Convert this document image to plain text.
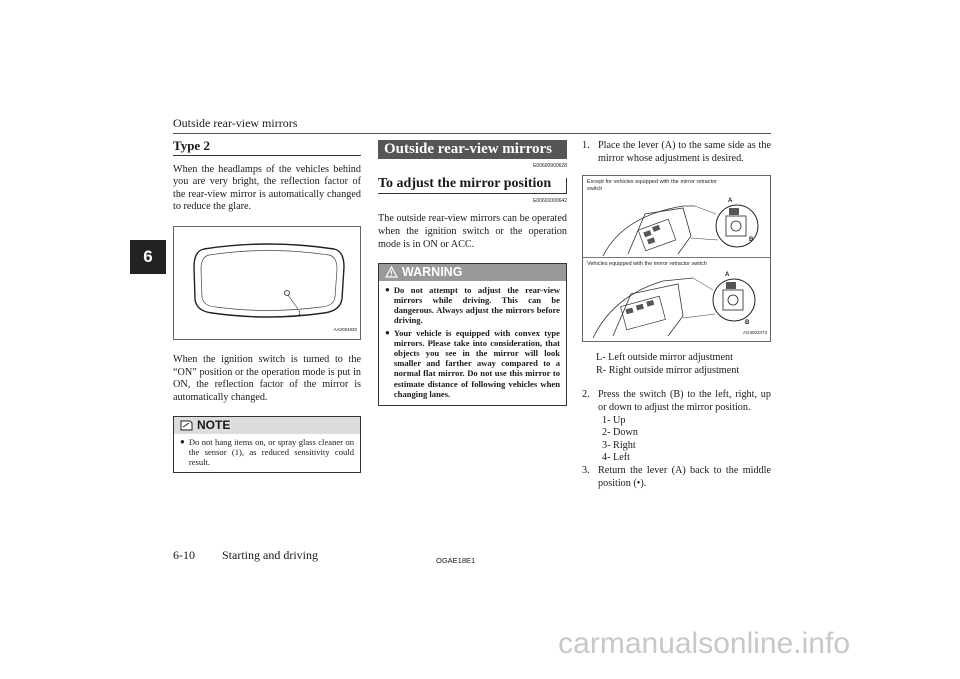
Outside rear-view mirrors
6
Type 2

When the headlamps of the vehicles behind you are very bright, the reflection factor of the rear-view mirror is automatically changed to reduce the glare.

1
AA0094830

When the ignition switch is turned to the “ON” position or the operation mode is put in ON, the reflection factor of the mirror is automatically changed.

NOTE
● Do not hang items on, or spray glass cleaner on the sensor (1), as reduced sensitivity could result.
Outside rear-view mirrors
E00600900628
To adjust the mirror position
E00601000642

The outside rear-view mirrors can be operated when the ignition switch or the operation mode is in ON or ACC.

WARNING
● Do not attempt to adjust the rear-view mirrors while driving. This can be dangerous. Always adjust the mirrors before driving.
● Your vehicle is equipped with convex type mirrors. Please take into consideration, that objects you see in the mirror will look smaller and farther away compared to a normal flat mirror. Do not use this mirror to estimate distance of following vehicles when changing lanes.
1. Place the lever (A) to the same side as the mirror whose adjustment is desired.
Except for vehicles equipped with the mirror retractor switch
Vehicles equipped with the mirror retractor switch
A
B
A
B
AG3003473
L- Left outside mirror adjustment
R- Right outside mirror adjustment
2. Press the switch (B) to the left, right, up or down to adjust the mirror position.
1- Up
2- Down
3- Right
4- Left
3. Return the lever (A) back to the middle position (•).
6-10 Starting and driving	OGAE18E1
carmanualsonline.info
